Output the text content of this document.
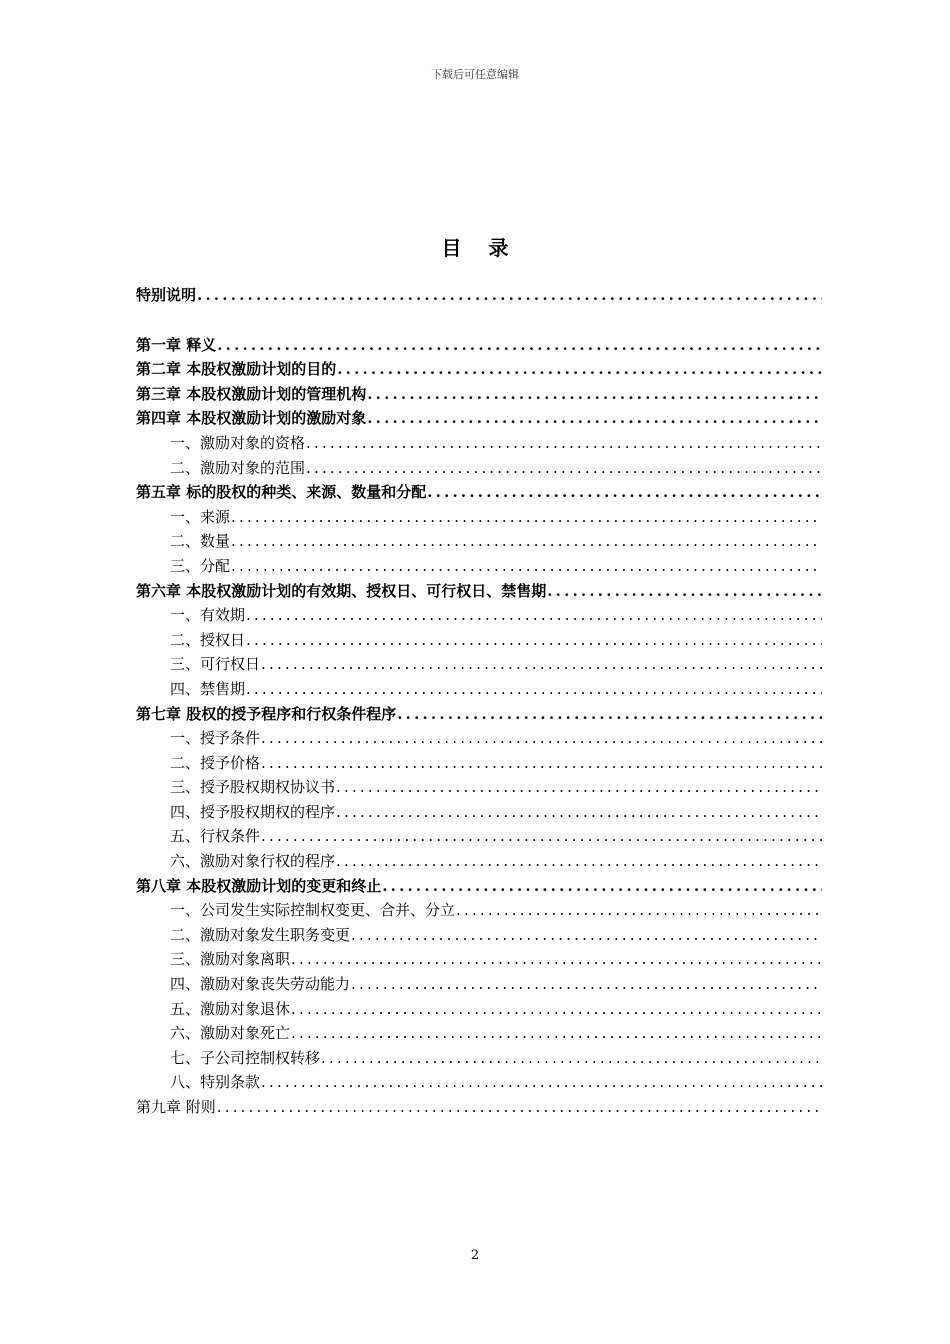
下载后可任意编辑
目 录
特别说明
.....
第一章 释义
.....
第二章 本股权激励计划的目的
.....
第三章 本股权激励计划的管理机构
.....
第四章 本股权激励计划的激励对象
.....
一、激励对象的资格
.....
二、激励对象的范围
.....
第五章 标的股权的种类、来源、数量和分配
.....
一、来源
.....
二、数量
.....
三、分配
.....
第六章 本股权激励计划的有效期、授权日、可行权日、禁售期
.....
一、有效期
.....
二、授权日
.....
三、可行权日
.....
四、禁售期
.....
第七章 股权的授予程序和行权条件程序
.....
一、授予条件
.....
二、授予价格
.....
三、授予股权期权协议书
.....
四、授予股权期权的程序
.....
五、行权条件
.....
六、激励对象行权的程序
.....
第八章 本股权激励计划的变更和终止
.....
一、公司发生实际控制权变更、合并、分立
.....
二、激励对象发生职务变更
.....
三、激励对象离职
.....
四、激励对象丧失劳动能力
.....
五、激励对象退休
.....
六、激励对象死亡
.....
七、子公司控制权转移
.....
八、特别条款
.....
第九章 附则
.....
2
